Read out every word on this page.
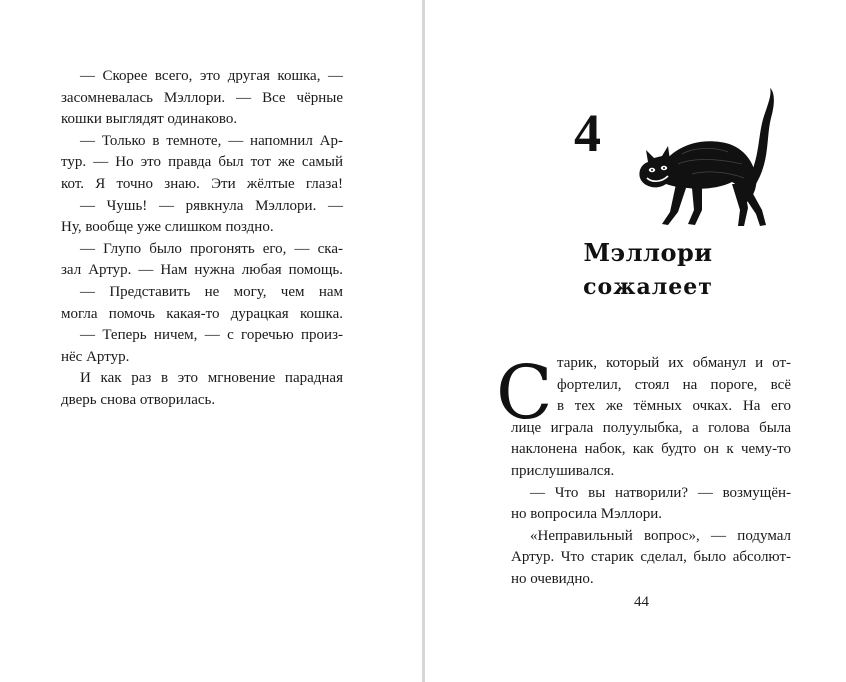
— Скорее всего, это другая кошка, —
засомневалась Мэллори. — Все чёрные
кошки выглядят одинаково.
— Только в темноте, — напомнил Ар-
тур. — Но это правда был тот же самый
кот. Я точно знаю. Эти жёлтые глаза!
— Чушь! — рявкнула Мэллори. —
Ну, вообще уже слишком поздно.
— Глупо было прогонять его, — ска-
зал Артур. — Нам нужна любая помощь.
— Представить не могу, чем нам
могла помочь какая-то дурацкая кошка.
— Теперь ничем, — с горечью произ-
нёс Артур.
И как раз в это мгновение парадная
дверь снова отворилась.
4
Мэллори
сожалеет
С тарик, который их обманул и от-
фортелил, стоял на пороге, всё
в тех же тёмных очках. На его
лице играла полуулыбка, а голова была
наклонена набок, как будто он к чему-то
прислушивался.
— Что вы натворили? — возмущён-
но вопросила Мэллори.
«Неправильный вопрос», — подумал
Артур. Что старик сделал, было абсолют-
но очевидно.
44
